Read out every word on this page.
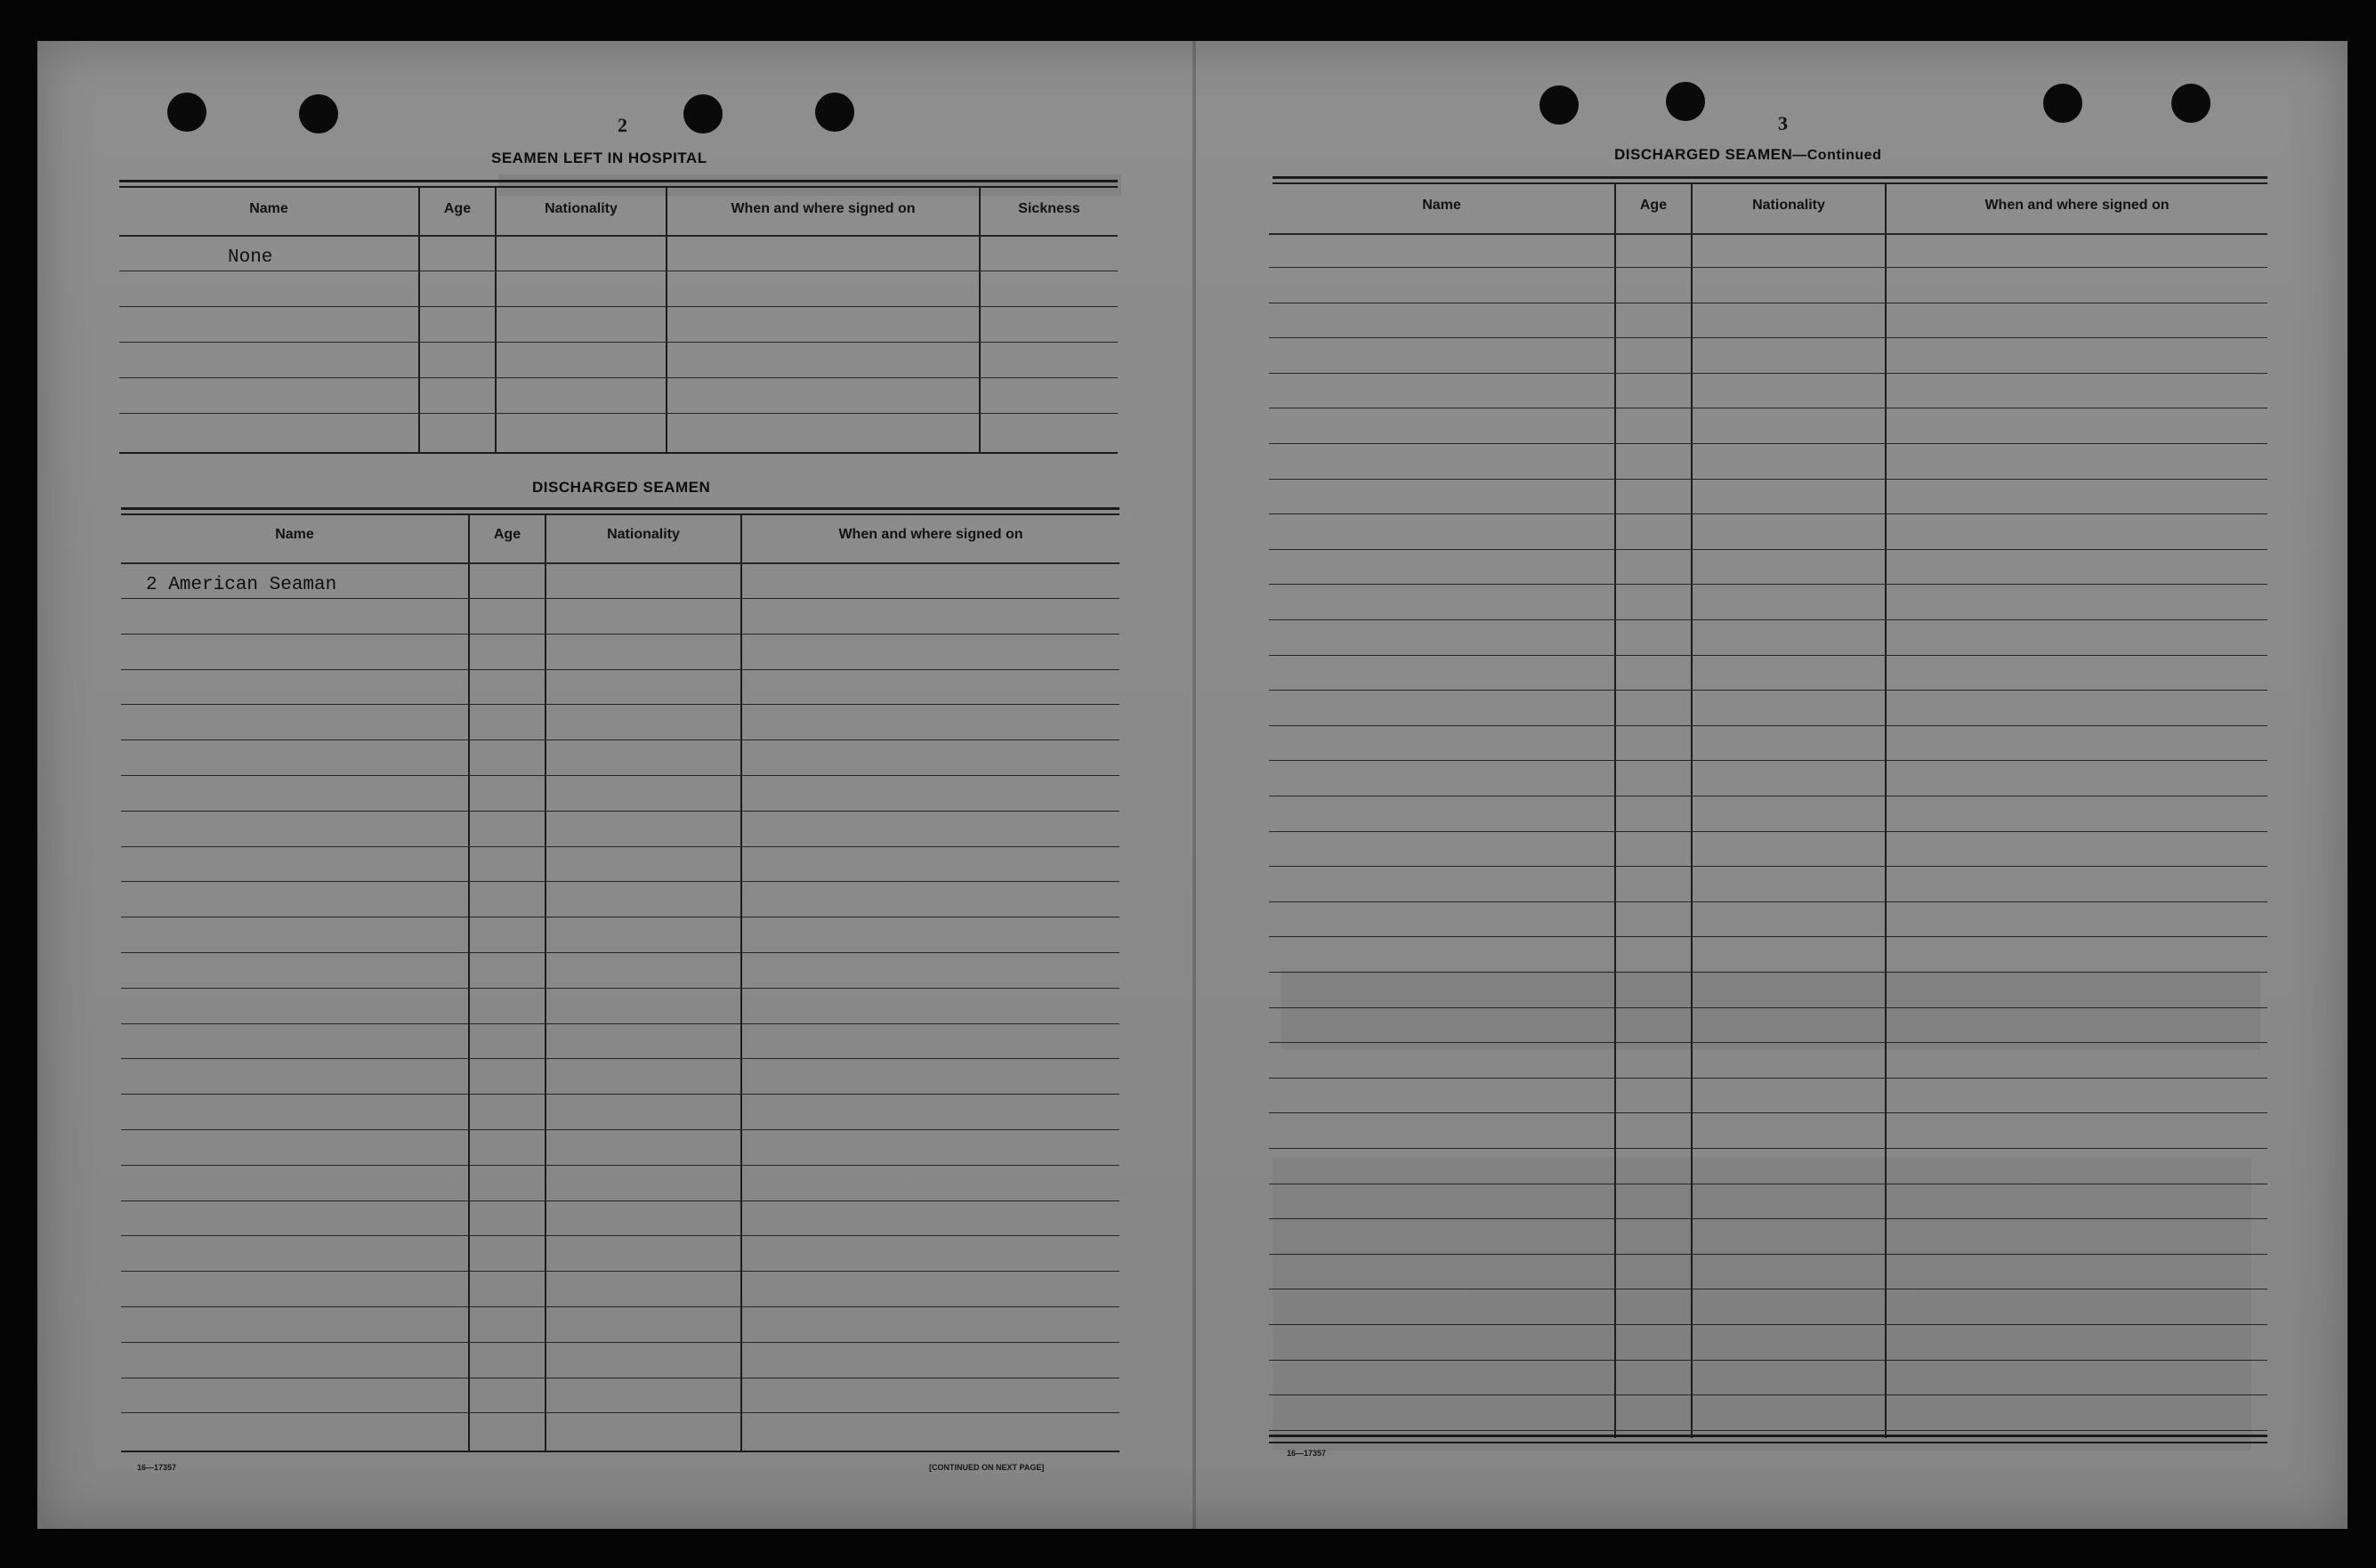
2
SEAMEN LEFT IN HOSPITAL
Name	Age	Nationality	When and where signed on	Sickness
None
DISCHARGED SEAMEN
Name	Age	Nationality	When and where signed on
2 American Seaman
16—17357	[CONTINUED ON NEXT PAGE]
3
DISCHARGED SEAMEN—Continued
Name	Age	Nationality	When and where signed on
16—17357
